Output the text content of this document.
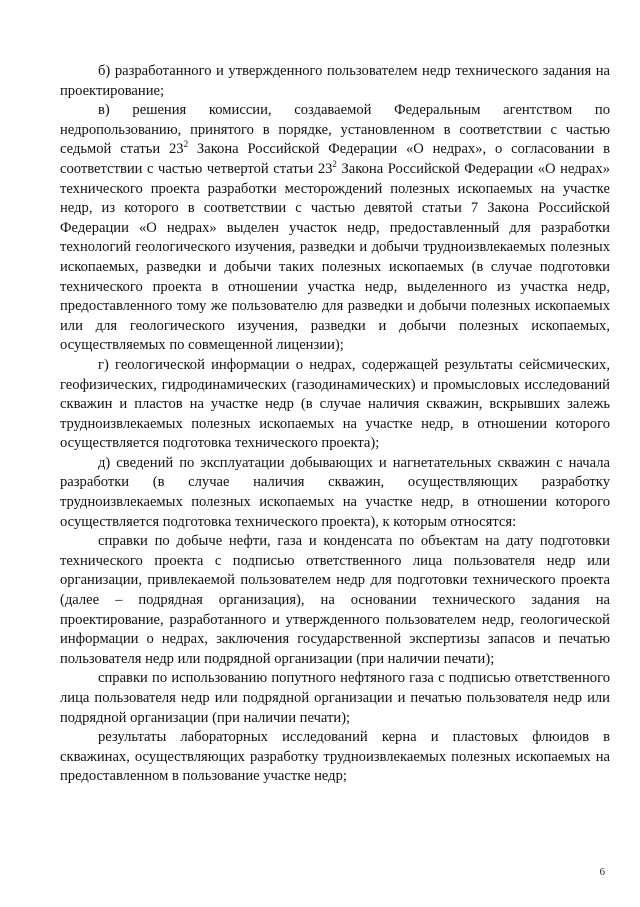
б) разработанного и утвержденного пользователем недр технического задания на проектирование;

в) решения комиссии, создаваемой Федеральным агентством по недропользованию, принятого в порядке, установленном в соответствии с частью седьмой статьи $23^2$ Закона Российской Федерации «О недрах», о согласовании в соответствии с частью четвертой статьи $23^2$ Закона Российской Федерации «О недрах» технического проекта разработки месторождений полезных ископаемых на участке недр, из которого в соответствии с частью девятой статьи 7 Закона Российской Федерации «О недрах» выделен участок недр, предоставленный для разработки технологий геологического изучения, разведки и добычи трудноизвлекаемых полезных ископаемых, разведки и добычи таких полезных ископаемых (в случае подготовки технического проекта в отношении участка недр, выделенного из участка недр, предоставленного тому же пользователю для разведки и добычи полезных ископаемых или для геологического изучения, разведки и добычи полезных ископаемых, осуществляемых по совмещенной лицензии);

г) геологической информации о недрах, содержащей результаты сейсмических, геофизических, гидродинамических (газодинамических) и промысловых исследований скважин и пластов на участке недр (в случае наличия скважин, вскрывших залежь трудноизвлекаемых полезных ископаемых на участке недр, в отношении которого осуществляется подготовка технического проекта);

д) сведений по эксплуатации добывающих и нагнетательных скважин с начала разработки (в случае наличия скважин, осуществляющих разработку трудноизвлекаемых полезных ископаемых на участке недр, в отношении которого осуществляется подготовка технического проекта), к которым относятся:

справки по добыче нефти, газа и конденсата по объектам на дату подготовки технического проекта с подписью ответственного лица пользователя недр или организации, привлекаемой пользователем недр для подготовки технического проекта (далее – подрядная организация), на основании технического задания на проектирование, разработанного и утвержденного пользователем недр, геологической информации о недрах, заключения государственной экспертизы запасов и печатью пользователя недр или подрядной организации (при наличии печати);

справки по использованию попутного нефтяного газа с подписью ответственного лица пользователя недр или подрядной организации и печатью пользователя недр или подрядной организации (при наличии печати);

результаты лабораторных исследований керна и пластовых флюидов в скважинах, осуществляющих разработку трудноизвлекаемых полезных ископаемых на предоставленном в пользование участке недр;

6
